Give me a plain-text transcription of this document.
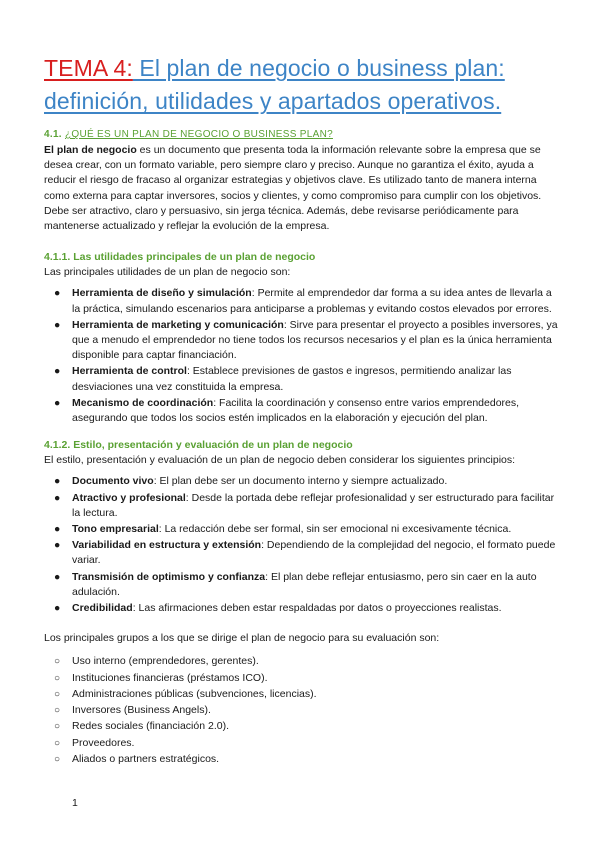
TEMA 4: El plan de negocio o business plan: definición, utilidades y apartados operativos.
4.1. ¿QUÉ ES UN PLAN DE NEGOCIO O BUSINESS PLAN?

El plan de negocio es un documento que presenta toda la información relevante sobre la empresa que se desea crear, con un formato variable, pero siempre claro y preciso. Aunque no garantiza el éxito, ayuda a reducir el riesgo de fracaso al organizar estrategias y objetivos clave. Es utilizado tanto de manera interna como externa para captar inversores, socios y clientes, y como compromiso para cumplir con los objetivos. Debe ser atractivo, claro y persuasivo, sin jerga técnica. Además, debe revisarse periódicamente para mantenerse actualizado y reflejar la evolución de la empresa.

4.1.1. Las utilidades principales de un plan de negocio

Las principales utilidades de un plan de negocio son:

● Herramienta de diseño y simulación: Permite al emprendedor dar forma a su idea antes de llevarla a la práctica, simulando escenarios para anticiparse a problemas y evitando costos elevados por errores.
● Herramienta de marketing y comunicación: Sirve para presentar el proyecto a posibles inversores, ya que a menudo el emprendedor no tiene todos los recursos necesarios y el plan es la única herramienta disponible para captar financiación.
● Herramienta de control: Establece previsiones de gastos e ingresos, permitiendo analizar las desviaciones una vez constituida la empresa.
● Mecanismo de coordinación: Facilita la coordinación y consenso entre varios emprendedores, asegurando que todos los socios estén implicados en la elaboración y ejecución del plan.
4.1.2. Estilo, presentación y evaluación de un plan de negocio

El estilo, presentación y evaluación de un plan de negocio deben considerar los siguientes principios:

● Documento vivo: El plan debe ser un documento interno y siempre actualizado.
● Atractivo y profesional: Desde la portada debe reflejar profesionalidad y ser estructurado para facilitar la lectura.
● Tono empresarial: La redacción debe ser formal, sin ser emocional ni excesivamente técnica.
● Variabilidad en estructura y extensión: Dependiendo de la complejidad del negocio, el formato puede variar.
● Transmisión de optimismo y confianza: El plan debe reflejar entusiasmo, pero sin caer en la auto adulación.
● Credibilidad: Las afirmaciones deben estar respaldadas por datos o proyecciones realistas.

Los principales grupos a los que se dirige el plan de negocio para su evaluación son:

○ Uso interno (emprendedores, gerentes).
○ Instituciones financieras (préstamos ICO).
○ Administraciones públicas (subvenciones, licencias).
○ Inversores (Business Angels).
○ Redes sociales (financiación 2.0).
○ Proveedores.
○ Aliados o partners estratégicos.
1
